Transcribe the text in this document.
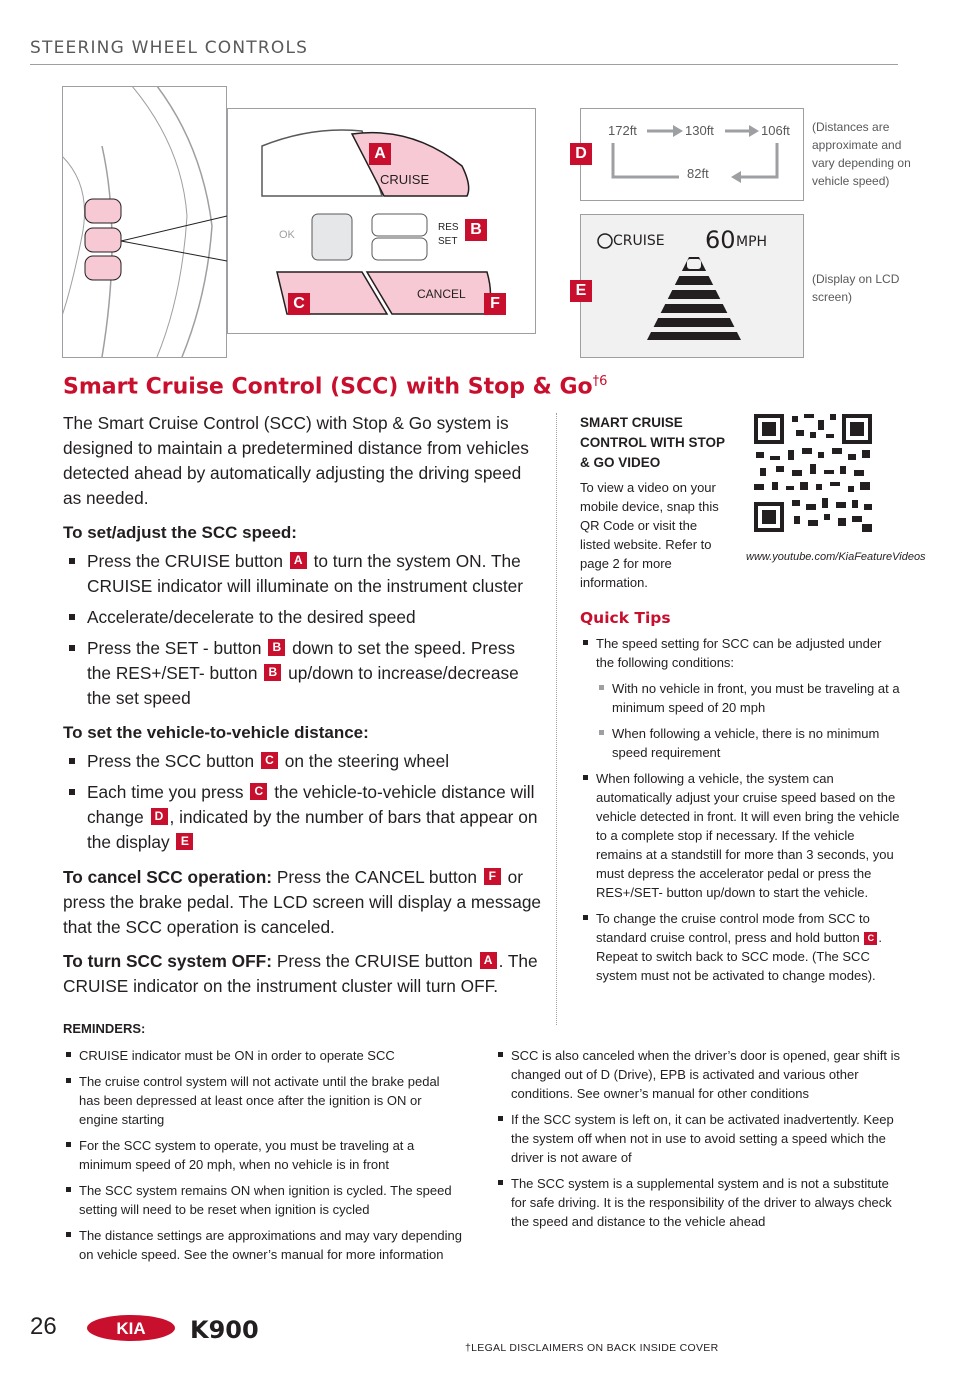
STEERING WHEEL CONTROLS
CRUISE
RES
SET
OK
CANCEL
A
B
C	F
172ft	130ft	106ft
82ft
D
(Distances are approximate and vary depending on vehicle speed)
CRUISE 60 MPH
E
(Display on LCD screen)
Smart Cruise Control (SCC) with Stop & Go$^{\dagger 6}$

The Smart Cruise Control (SCC) with Stop & Go system is designed to maintain a predetermined distance from vehicles detected ahead by automatically adjusting the driving speed as needed.

To set/adjust the SCC speed:
Press the CRUISE button A to turn the system ON. The CRUISE indicator will illuminate on the instrument cluster
Accelerate/decelerate to the desired speed
Press the SET - button B down to set the speed. Press the RES+/SET- button B up/down to increase/decrease the set speed
To set the vehicle-to-vehicle distance:
Press the SCC button C on the steering wheel
Each time you press C the vehicle-to-vehicle distance will change D , indicated by the number of bars that appear on the display E

To cancel SCC operation: Press the CANCEL button F or press the brake pedal. The LCD screen will display a message that the SCC operation is canceled.

To turn SCC system OFF: Press the CRUISE button A . The CRUISE indicator on the instrument cluster will turn OFF.

SMART CRUISE CONTROL WITH STOP & GO VIDEO
To view a video on your mobile device, snap this QR Code or visit the listed website. Refer to page 2 for more information.
www.youtube.com/KiaFeatureVideos
Quick Tips
The speed setting for SCC can be adjusted under the following conditions:
With no vehicle in front, you must be traveling at a minimum speed of 20 mph
When following a vehicle, there is no minimum speed requirement
When following a vehicle, the system can automatically adjust your cruise speed based on the vehicle detected in front. It will even bring the vehicle to a complete stop if necessary. If the vehicle remains at a standstill for more than 3 seconds, you must depress the accelerator pedal or press the RES+/SET- button up/down to start the vehicle.
To change the cruise control mode from SCC to standard cruise control, press and hold button C . Repeat to switch back to SCC mode. (The SCC system must not be activated to change modes).
REMINDERS:
CRUISE indicator must be ON in order to operate SCC
The cruise control system will not activate until the brake pedal has been depressed at least once after the ignition is ON or engine starting
For the SCC system to operate, you must be traveling at a minimum speed of 20 mph, when no vehicle is in front
The SCC system remains ON when ignition is cycled. The speed setting will need to be reset when ignition is cycled
The distance settings are approximations and may vary depending on vehicle speed. See the owner’s manual for more information
SCC is also canceled when the driver’s door is opened, gear shift is changed out of D (Drive), EPB is activated and various other conditions. See owner’s manual for other conditions
If the SCC system is left on, it can be activated inadvertently. Keep the system off when not in use to avoid setting a speed which the driver is not aware of
The SCC system is a supplemental system and is not a substitute for safe driving. It is the responsibility of the driver to always check the speed and distance to the vehicle ahead
26	KIA K900
†LEGAL DISCLAIMERS ON BACK INSIDE COVER
